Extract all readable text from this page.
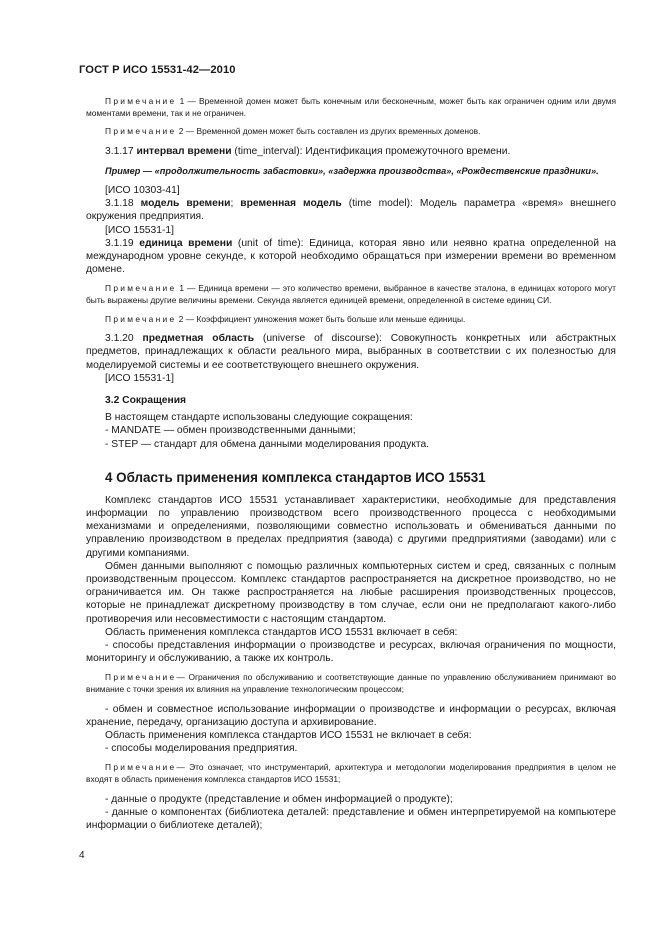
ГОСТ Р ИСО 15531-42—2010

Примечание 1 — Временной домен может быть конечным или бесконечным, может быть как ограничен одним или двумя моментами времени, так и не ограничен.

Примечание 2 — Временной домен может быть составлен из других временных доменов.

3.1.17 интервал времени (time_interval): Идентификация промежуточного времени.

Пример — «продолжительность забастовки», «задержка производства», «Рождественские праздники».

[ИСО 10303-41]

3.1.18 модель времени; временная модель (time model): Модель параметра «время» внешнего окружения предприятия.

[ИСО 15531-1]

3.1.19 единица времени (unit of time): Единица, которая явно или неявно кратна определенной на международном уровне секунде, к которой необходимо обращаться при измерении времени во временном домене.

Примечание 1 — Единица времени — это количество времени, выбранное в качестве эталона, в единицах которого могут быть выражены другие величины времени. Секунда является единицей времени, определенной в системе единиц СИ.

Примечание 2 — Коэффициент умножения может быть больше или меньше единицы.

3.1.20 предметная область (universe of discourse): Совокупность конкретных или абстрактных предметов, принадлежащих к области реального мира, выбранных в соответствии с их полезностью для моделируемой системы и ее соответствующего внешнего окружения.

[ИСО 15531-1]

3.2 Сокращения

В настоящем стандарте использованы следующие сокращения:

- MANDATE — обмен производственными данными;

- STEP — стандарт для обмена данными моделирования продукта.

4 Область применения комплекса стандартов ИСО 15531

Комплекс стандартов ИСО 15531 устанавливает характеристики, необходимые для представления информации по управлению производством всего производственного процесса с необходимыми механизмами и определениями, позволяющими совместно использовать и обмениваться данными по управлению производством в пределах предприятия (завода) с другими предприятиями (заводами) или с другими компаниями.

Обмен данными выполняют с помощью различных компьютерных систем и сред, связанных с полным производственным процессом. Комплекс стандартов распространяется на дискретное производство, но не ограничивается им. Он также распространяется на любые расширения производственных процессов, которые не принадлежат дискретному производству в том случае, если они не предполагают какого-либо противоречия или несовместимости с настоящим стандартом.

Область применения комплекса стандартов ИСО 15531 включает в себя:

- способы представления информации о производстве и ресурсах, включая ограничения по мощности, мониторингу и обслуживанию, а также их контроль.

Примечание— Ограничения по обслуживанию и соответствующие данные по управлению обслуживанием принимают во внимание с точки зрения их влияния на управление технологическим процессом;

- обмен и совместное использование информации о производстве и информации о ресурсах, включая хранение, передачу, организацию доступа и архивирование.

Область применения комплекса стандартов ИСО 15531 не включает в себя:

- способы моделирования предприятия.

Примечание— Это означает, что инструментарий, архитектура и методологии моделирования предприятия в целом не входят в область применения комплекса стандартов ИСО 15531;

- данные о продукте (представление и обмен информацией о продукте);

- данные о компонентах (библиотека деталей: представление и обмен интерпретируемой на компьютере информации о библиотеке деталей);

4
